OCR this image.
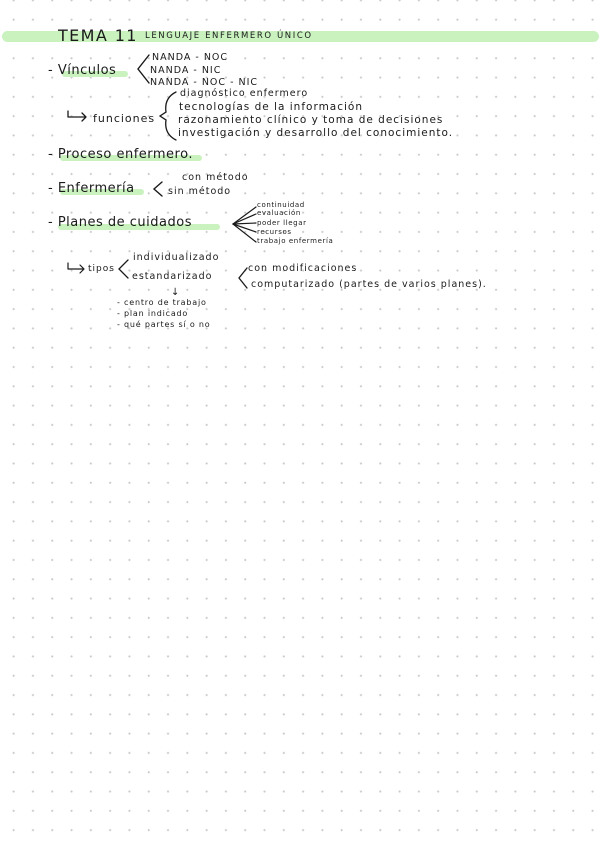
TEMA 11 LENGUAJE ENFERMERO ÚNICO
- Vínculos
NANDA - NOC
NANDA - NIC
NANDA - NOC - NIC
funciones
diagnóstico enfermero
tecnologías de la información
razonamiento clínico y toma de decisiones
investigación y desarrollo del conocimiento.
- Proceso enfermero.
- Enfermería
con método
sin método
- Planes de cuidados
continuidad
evaluación
poder llegar
recursos
trabajo enfermería
tipos
individualizado
estandarizado
con modificaciones
computarizado (partes de varios planes).
↓
- centro de trabajo
- plan indicado
- qué partes sí o no
